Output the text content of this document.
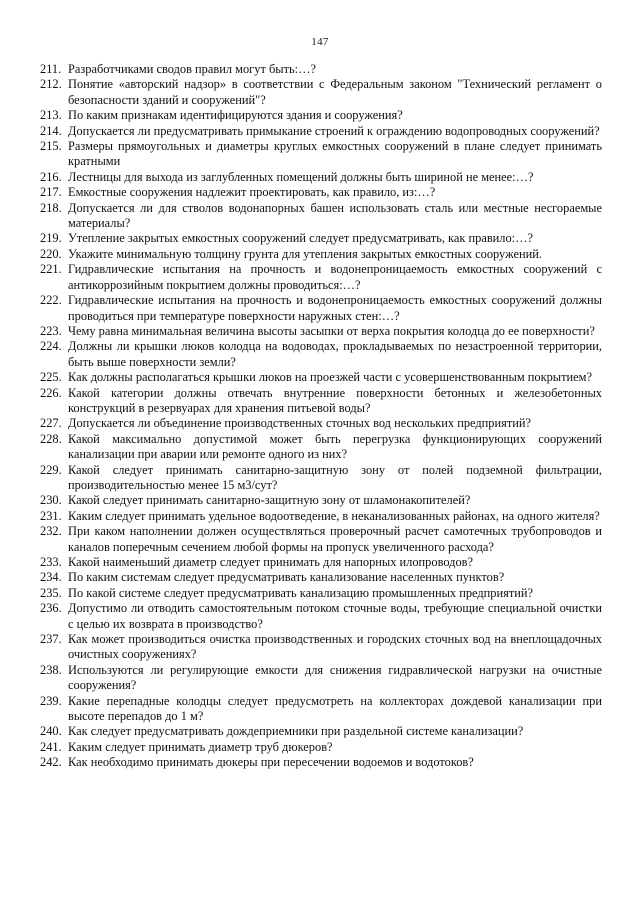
147
211. Разработчиками сводов правил могут быть:…?
212. Понятие «авторский надзор» в соответствии с Федеральным законом "Технический регламент о безопасности зданий и сооружений"?
213. По каким признакам идентифицируются здания и сооружения?
214. Допускается ли предусматривать примыкание строений к ограждению водопроводных сооружений?
215. Размеры прямоугольных и диаметры круглых емкостных сооружений в плане следует принимать кратными
216. Лестницы для выхода из заглубленных помещений должны быть шириной не менее:…?
217. Емкостные сооружения надлежит проектировать, как правило, из:…?
218. Допускается ли для стволов водонапорных башен использовать сталь или местные несгораемые материалы?
219. Утепление закрытых емкостных сооружений следует предусматривать, как правило:…?
220. Укажите минимальную толщину грунта для утепления закрытых емкостных сооружений.
221. Гидравлические испытания на прочность и водонепроницаемость емкостных сооружений с антикоррозийным покрытием должны проводиться:…?
222. Гидравлические испытания на прочность и водонепроницаемость емкостных сооружений должны проводиться при температуре поверхности наружных стен:…?
223. Чему равна минимальная величина высоты засыпки от верха покрытия колодца до ее поверхности?
224. Должны ли крышки люков колодца на водоводах, прокладываемых по незастроенной территории, быть выше поверхности земли?
225. Как должны располагаться крышки люков на проезжей части с усовершенствованным покрытием?
226. Какой категории должны отвечать внутренние поверхности бетонных и железобетонных конструкций в резервуарах для хранения питьевой воды?
227. Допускается ли объединение производственных сточных вод нескольких предприятий?
228. Какой максимально допустимой может быть перегрузка функционирующих сооружений канализации при аварии или ремонте одного из них?
229. Какой следует принимать санитарно-защитную зону от полей подземной фильтрации, производительностью менее 15 м3/сут?
230. Какой следует принимать санитарно-защитную зону от шламонакопителей?
231. Каким следует принимать удельное водоотведение, в неканализованных районах, на одного жителя?
232. При каком наполнении должен осуществляться проверочный расчет самотечных трубопроводов и каналов поперечным сечением любой формы на пропуск увеличенного расхода?
233. Какой наименьший диаметр следует принимать для напорных илопроводов?
234. По каким системам следует предусматривать канализование населенных пунктов?
235. По какой системе следует предусматривать канализацию промышленных предприятий?
236. Допустимо ли отводить самостоятельным потоком сточные воды, требующие специальной очистки с целью их возврата в производство?
237. Как может производиться очистка производственных и городских сточных вод на внеплощадочных очистных сооружениях?
238. Используются ли регулирующие емкости для снижения гидравлической нагрузки на очистные сооружения?
239. Какие перепадные колодцы следует предусмотреть на коллекторах дождевой канализации при высоте перепадов до 1 м?
240. Как следует предусматривать дождеприемники при раздельной системе канализации?
241. Каким следует принимать диаметр труб дюкеров?
242. Как необходимо принимать дюкеры при пересечении водоемов и водотоков?
